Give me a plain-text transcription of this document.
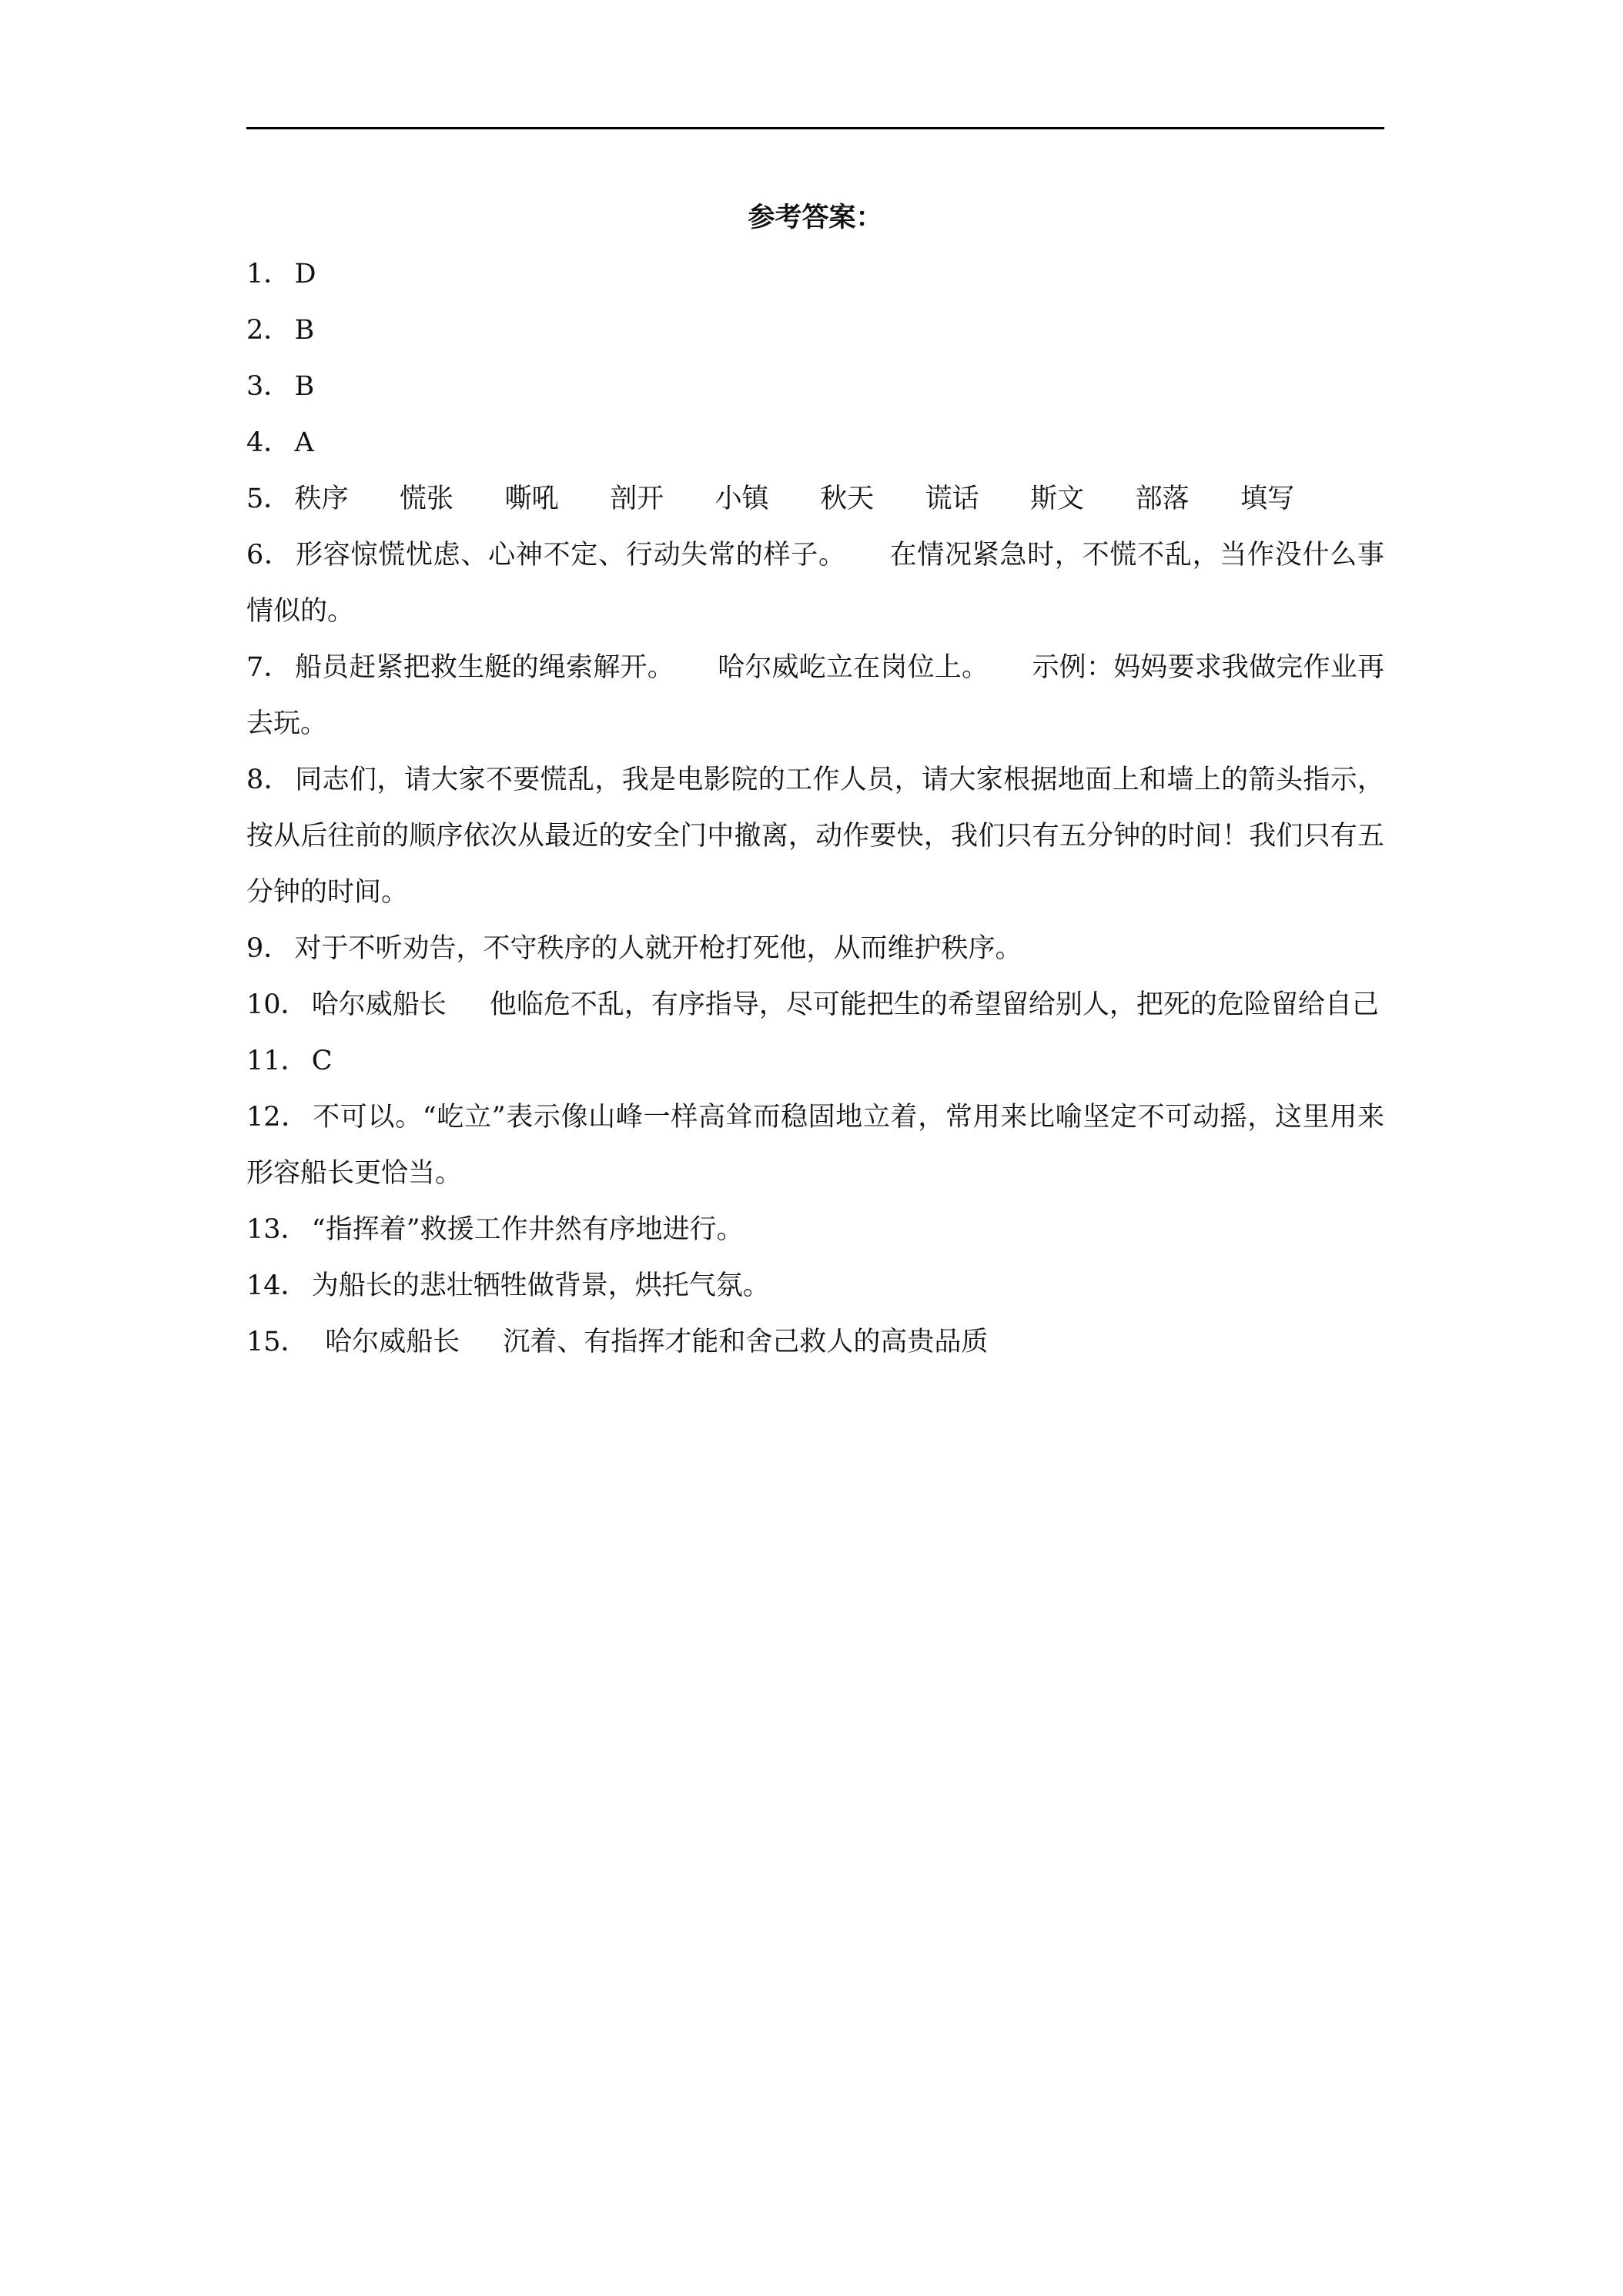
参考答案：

1． D

2． B

3． B

4． A

5． 秩序 慌张 嘶吼 剖开 小镇 秋天 谎话 斯文 部落 填写

6． 形容惊慌忧虑、心神不定、行动失常的样子。 在情况紧急时，不慌不乱，当作没什么事情似的。

7． 船员赶紧把救生艇的绳索解开。 哈尔威屹立在岗位上。 示例：妈妈要求我做完作业再去玩。

8． 同志们，请大家不要慌乱，我是电影院的工作人员，请大家根据地面上和墙上的箭头指示，按从后往前的顺序依次从最近的安全门中撤离，动作要快，我们只有五分钟的时间！我们只有五分钟的时间。

9． 对于不听劝告，不守秩序的人就开枪打死他，从而维护秩序。

10． 哈尔威船长 他临危不乱，有序指导，尽可能把生的希望留给别人，把死的危险留给自己

11． C

12． 不可以。“屹立”表示像山峰一样高耸而稳固地立着，常用来比喻坚定不可动摇，这里用来形容船长更恰当。

13． “指挥着”救援工作井然有序地进行。

14． 为船长的悲壮牺牲做背景，烘托气氛。

15． 哈尔威船长 沉着、有指挥才能和舍己救人的高贵品质
